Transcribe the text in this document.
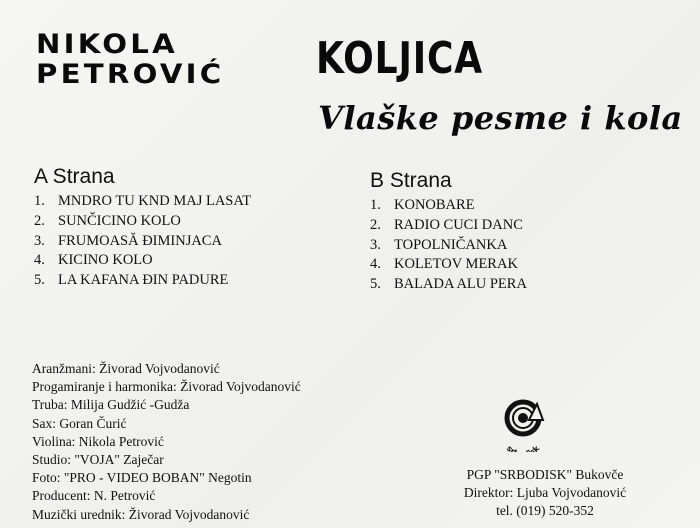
NIKOLA
PETROVIĆ KOLJICA
Vlaške pesme i kola
A Strana
1. MNDRO TU KND MAJ LASAT
2. SUNČICINO KOLO
3. FRUMOASĂ ĐIMINJACA
4. KICINO KOLO
5. LA KAFANA ĐIN PADURE
B Strana
1. KONOBARE
2. RADIO CUCI DANC
3. TOPOLNIČANKA
4. KOLETOV MERAK
5. BALADA ALU PERA
Aranžmani: Živorad Vojvodanović
Progamiranje i harmonika: Živorad Vojvodanović
Truba: Milija Gudžić -Gudža
Sax: Goran Čurić
Violina: Nikola Petrović
Studio: "VOJA" Zaječar
Foto: "PRO - VIDEO BOBAN" Negotin
Producent: N. Petrović
Muzički urednik: Živorad Vojvodanović
sr sk
PGP "SRBODISK" Bukovče
Direktor: Ljuba Vojvodanović
tel. (019) 520-352
